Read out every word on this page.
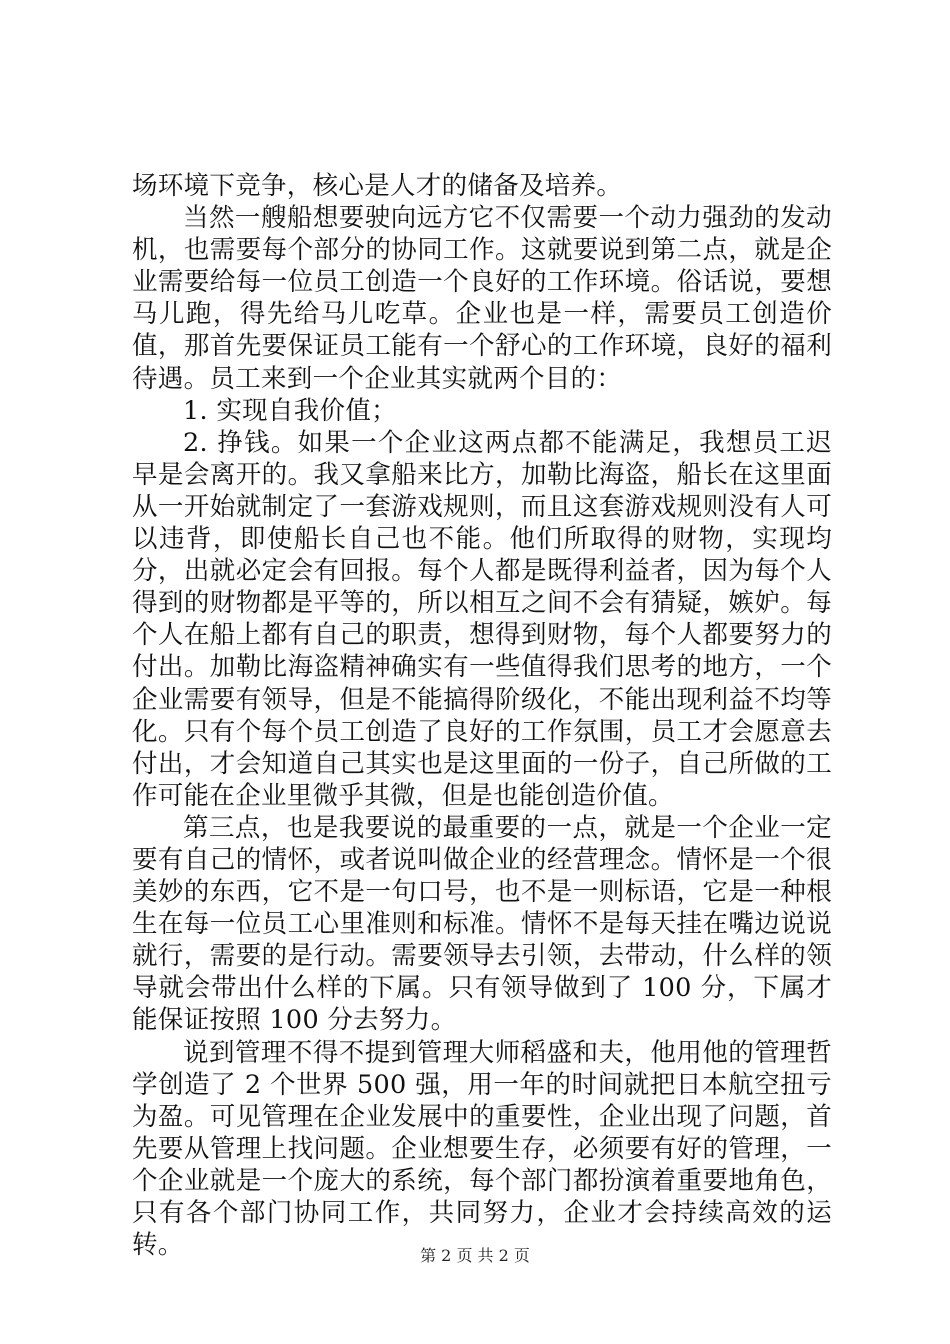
场环境下竞争，核心是人才的储备及培养。

当然一艘船想要驶向远方它不仅需要一个动力强劲的发动机，也需要每个部分的协同工作。这就要说到第二点，就是企业需要给每一位员工创造一个良好的工作环境。俗话说，要想马儿跑，得先给马儿吃草。企业也是一样，需要员工创造价值，那首先要保证员工能有一个舒心的工作环境，良好的福利待遇。员工来到一个企业其实就两个目的：

1. 实现自我价值；

2. 挣钱。如果一个企业这两点都不能满足，我想员工迟早是会离开的。我又拿船来比方，加勒比海盗，船长在这里面从一开始就制定了一套游戏规则，而且这套游戏规则没有人可以违背，即使船长自己也不能。他们所取得的财物，实现均分，出就必定会有回报。每个人都是既得利益者，因为每个人得到的财物都是平等的，所以相互之间不会有猜疑，嫉妒。每个人在船上都有自己的职责，想得到财物，每个人都要努力的付出。加勒比海盗精神确实有一些值得我们思考的地方，一个企业需要有领导，但是不能搞得阶级化，不能出现利益不均等化。只有个每个员工创造了良好的工作氛围，员工才会愿意去付出，才会知道自己其实也是这里面的一份子，自己所做的工作可能在企业里微乎其微，但是也能创造价值。

第三点，也是我要说的最重要的一点，就是一个企业一定要有自己的情怀，或者说叫做企业的经营理念。情怀是一个很美妙的东西，它不是一句口号，也不是一则标语，它是一种根生在每一位员工心里准则和标准。情怀不是每天挂在嘴边说说就行，需要的是行动。需要领导去引领，去带动，什么样的领导就会带出什么样的下属。只有领导做到了 100 分，下属才能保证按照 100 分去努力。

说到管理不得不提到管理大师稻盛和夫，他用他的管理哲学创造了 2 个世界 500 强，用一年的时间就把日本航空扭亏为盈。可见管理在企业发展中的重要性，企业出现了问题，首先要从管理上找问题。企业想要生存，必须要有好的管理，一个企业就是一个庞大的系统，每个部门都扮演着重要地角色，只有各个部门协同工作，共同努力，企业才会持续高效的运转。	第 2 页 共 2 页
